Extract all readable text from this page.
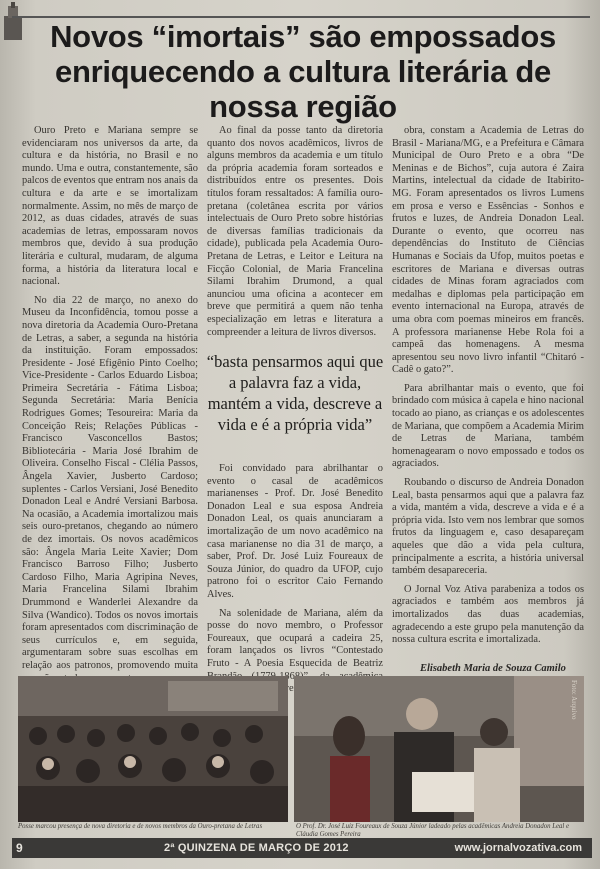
Novos “imortais” são empossados enriquecendo a cultura literária de nossa região

Ouro Preto e Mariana sempre se evidenciaram nos universos da arte, da cultura e da história, no Brasil e no mundo. Uma e outra, constantemente, são palcos de eventos que entram nos anais da cultura e da arte e se imortalizam normalmente. Assim, no mês de março de 2012, as duas cidades, através de suas academias de letras, empossaram novos membros que, devido à sua produção literária e cultural, mudaram, de alguma forma, a história da literatura local e nacional.

No dia 22 de março, no anexo do Museu da Inconfidência, tomou posse a nova diretoria da Academia Ouro-Pretana de Letras, a saber, a segunda na história da instituição. Foram empossados: Presidente - José Efigênio Pinto Coelho; Vice-Presidente - Carlos Eduardo Lisboa; Primeira Secretária - Fátima Lisboa; Segunda Secretária: Maria Benícia Rodrigues Gomes; Tesoureira: Maria da Conceição Reis; Relações Públicas - Francisco Vasconcellos Bastos; Bibliotecária - Maria José Ibrahim de Oliveira. Conselho Fiscal - Clélia Passos, Ângela Xavier, Jusberto Cardoso; suplentes - Carlos Versiani, José Benedito Donadon Leal e André Versiani Barbosa. Na ocasião, a Academia imortalizou mais seis ouro-pretanos, chegando ao número de dez imortais. Os novos acadêmicos são: Ângela Maria Leite Xavier; Dom Francisco Barroso Filho; Jusberto Cardoso Filho, Maria Agripina Neves, Maria Francelina Silami Ibrahim Drummond e Wanderlei Alexandre da Silva (Wandico). Todos os novos imortais foram apresentados com discriminação de seus currículos e, em seguida, argumentaram sobre suas escolhas em relação aos patronos, promovendo muita

Ao final da posse tanto da diretoria quanto dos novos acadêmicos, livros de alguns membros da academia e um título da própria academia foram sorteados e distribuídos entre os presentes. Dois títulos foram ressaltados: A família ouro-pretana (coletânea escrita por vários intelectuais de Ouro Preto sobre histórias de diversas famílias tradicionais da cidade), publicada pela Academia Ouro-Pretana de Letras, e Leitor e Leitura na Ficção Colonial, de Maria Francelina Silami Ibrahim Drumond, a qual anunciou uma oficina a acontecer em breve que permitirá a quem não tenha especialização em letras e literatura a compreender a leitura de livros diversos.

“basta pensarmos aqui que a palavra faz a vida, mantém a vida, descreve a vida e é a própria vida”

Foi convidado para abrilhantar o evento o casal de acadêmicos marianenses - Prof. Dr. José Benedito Donadon Leal e sua esposa Andreia Donadon Leal, os quais anunciaram a imortalização de um novo acadêmico na casa marianense no dia 31 de março, a saber, Prof. Dr. José Luiz Foureaux de Souza Júnior, do quadro da UFOP, cujo patrono foi o escritor Caio Fernando Alves.

Na solenidade de Mariana, além da posse do novo membro, o Professor Foureaux, que ocupará a cadeira 25, foram lançados os livros “Contestado Fruto - A Poesia Esquecida de Beatriz Pereira.

obra, constam a Academia de Letras do Brasil - Mariana/MG, e a Prefeitura e Câmara Municipal de Ouro Preto e a obra “De Meninas e de Bichos”, cuja autora é Zaira Martins, intelectual da cidade de Itabirito-MG. Foram apresentados os livros Lumens em prosa e verso e Essências - Sonhos e frutos e luzes, de Andreia Donadon Leal. Durante o evento, que ocorreu nas dependências do Instituto de Ciências Humanas e Sociais da Ufop, muitos poetas e escritores de Mariana e diversas outras cidades de Minas foram agraciados com medalhas e diplomas pela participação em evento internacional na Europa, através de uma obra com poemas mineiros em francês. A professora marianense Hebe Rola foi a campeã das homenagens. A mesma apresentou seu novo livro infantil “Chitaró - Cadê o gato?”.

Para abrilhantar mais o evento, que foi brindado com música à capela e hino nacional tocado ao piano, as crianças e os adolescentes de Mariana, que compõem a Academia Mirim de Letras de Mariana, também homenagearam o novo empossado e todos os agraciados.

Roubando o discurso de Andreia Donadon Leal, basta pensarmos aqui que a palavra faz a vida, mantém a vida, descreve a vida e é a própria vida. Isto vem nos lembrar que somos frutos da linguagem e, caso desapareçam aqueles que dão a vida pela cultura, principalmente a escrita, a história universal também desapareceria.

O Jornal Voz Ativa parabeniza a todos os agraciados e também aos membros já imortalizados das duas academias, agradecendo a este grupo pela manutenção da nossa cultura escrita e imortalizada.

Elisabeth Maria de Souza Camilo
Foto: Arquivo
Posse marcou presença de nova diretoria e de novos membros da Ouro-pretana de Letras	O Prof. Dr. José Luiz Foureaux de Souza Júnior ladeado pelas acadêmicas Andreia Donadon Leal e Cláudia Gomes Pereira
9	2ª QUINZENA DE MARÇO DE 2012	www.jornalvozativa.com
